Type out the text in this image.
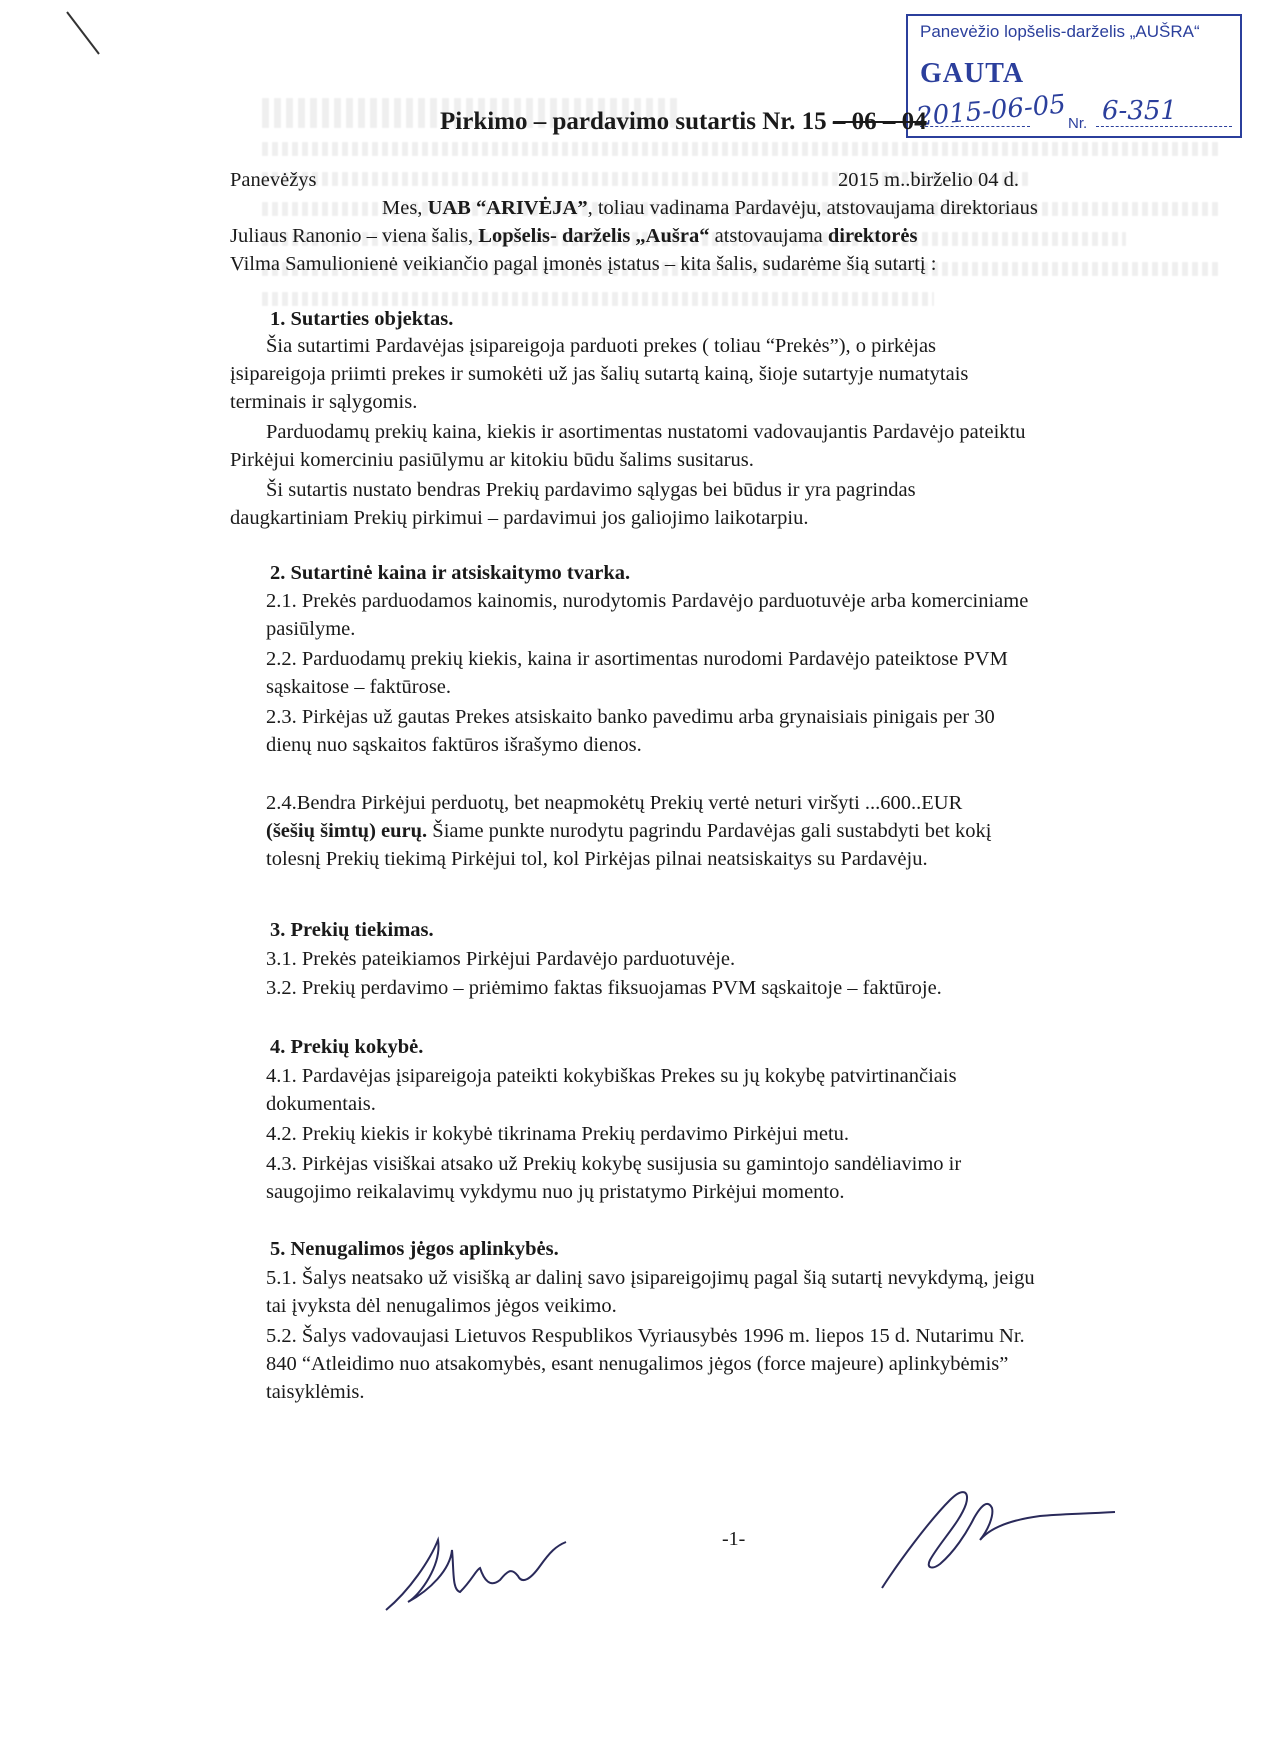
Panevėžio lopšelis-darželis „AUŠRA“
GAUTA
2015-06-05 Nr. 6-351
Pirkimo – pardavimo sutartis Nr. 15 – 06 – 04
Panevėžys	2015 m..birželio 04 d.
Mes, UAB “ARIVĖJA”, toliau vadinama Pardavėju, atstovaujama direktoriaus
Juliaus Ranonio – viena šalis, Lopšelis- darželis „Aušra“ atstovaujama direktorės
Vilma Samulionienė veikiančio pagal įmonės įstatus – kita šalis, sudarėme šią sutartį :
1. Sutarties objektas.
Šia sutartimi Pardavėjas įsipareigoja parduoti prekes ( toliau “Prekės”), o pirkėjas
įsipareigoja priimti prekes ir sumokėti už jas šalių sutartą kainą, šioje sutartyje numatytais
terminais ir sąlygomis.
Parduodamų prekių kaina, kiekis ir asortimentas nustatomi vadovaujantis Pardavėjo pateiktu
Pirkėjui komerciniu pasiūlymu ar kitokiu būdu šalims susitarus.
Ši sutartis nustato bendras Prekių pardavimo sąlygas bei būdus ir yra pagrindas
daugkartiniam Prekių pirkimui – pardavimui jos galiojimo laikotarpiu.
2. Sutartinė kaina ir atsiskaitymo tvarka.
2.1. Prekės parduodamos kainomis, nurodytomis Pardavėjo parduotuvėje arba komerciniame
pasiūlyme.
2.2. Parduodamų prekių kiekis, kaina ir asortimentas nurodomi Pardavėjo pateiktose PVM
sąskaitose – faktūrose.
2.3. Pirkėjas už gautas Prekes atsiskaito banko pavedimu arba grynaisiais pinigais per 30
dienų nuo sąskaitos faktūros išrašymo dienos.
2.4.Bendra Pirkėjui perduotų, bet neapmokėtų Prekių vertė neturi viršyti ...600..EUR
(šešių šimtų) eurų. Šiame punkte nurodytu pagrindu Pardavėjas gali sustabdyti bet kokį
tolesnį Prekių tiekimą Pirkėjui tol, kol Pirkėjas pilnai neatsiskaitys su Pardavėju.
3. Prekių tiekimas.
3.1. Prekės pateikiamos Pirkėjui Pardavėjo parduotuvėje.
3.2. Prekių perdavimo – priėmimo faktas fiksuojamas PVM sąskaitoje – faktūroje.
4. Prekių kokybė.
4.1. Pardavėjas įsipareigoja pateikti kokybiškas Prekes su jų kokybę patvirtinančiais
dokumentais.
4.2. Prekių kiekis ir kokybė tikrinama Prekių perdavimo Pirkėjui metu.
4.3. Pirkėjas visiškai atsako už Prekių kokybę susijusia su gamintojo sandėliavimo ir
saugojimo reikalavimų vykdymu nuo jų pristatymo Pirkėjui momento.
5. Nenugalimos jėgos aplinkybės.
5.1. Šalys neatsako už visišką ar dalinį savo įsipareigojimų pagal šią sutartį nevykdymą, jeigu
tai įvyksta dėl nenugalimos jėgos veikimo.
5.2. Šalys vadovaujasi Lietuvos Respublikos Vyriausybės 1996 m. liepos 15 d. Nutarimu Nr.
840 “Atleidimo nuo atsakomybės, esant nenugalimos jėgos (force majeure) aplinkybėmis”
taisyklėmis.
-1-
